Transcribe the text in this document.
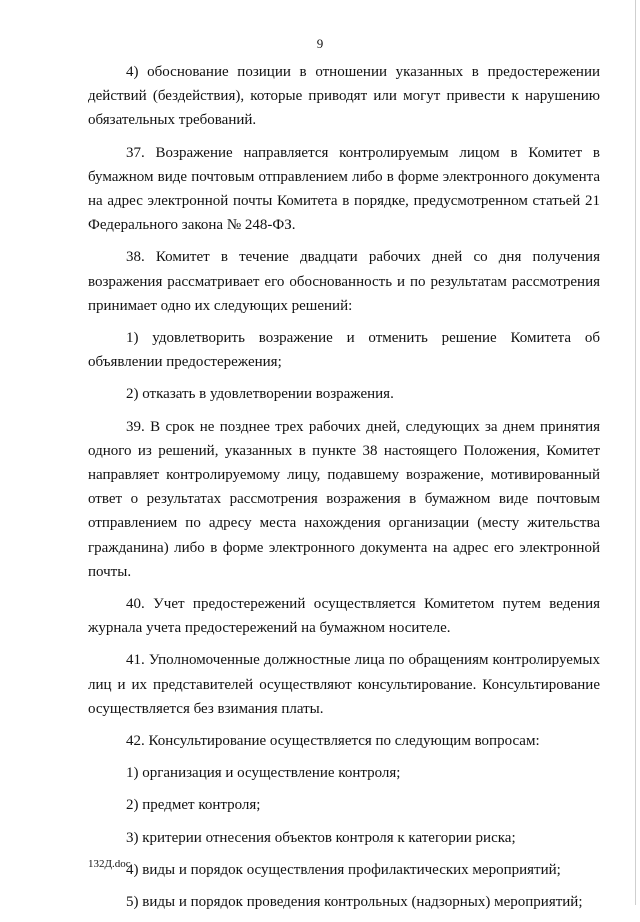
9

4) обоснование позиции в отношении указанных в предостережении действий (бездействия), которые приводят или могут привести к нарушению обязательных требований.

37. Возражение направляется контролируемым лицом в Комитет в бумажном виде почтовым отправлением либо в форме электронного документа на адрес электронной почты Комитета в порядке, предусмотренном статьей 21 Федерального закона № 248-ФЗ.

38. Комитет в течение двадцати рабочих дней со дня получения возражения рассматривает его обоснованность и по результатам рассмотрения принимает одно их следующих решений:

1) удовлетворить возражение и отменить решение Комитета об объявлении предостережения;

2) отказать в удовлетворении возражения.

39. В срок не позднее трех рабочих дней, следующих за днем принятия одного из решений, указанных в пункте 38 настоящего Положения, Комитет направляет контролируемому лицу, подавшему возражение, мотивированный ответ о результатах рассмотрения возражения в бумажном виде почтовым отправлением по адресу места нахождения организации (месту жительства гражданина) либо в форме электронного документа на адрес его электронной почты.

40. Учет предостережений осуществляется Комитетом путем ведения журнала учета предостережений на бумажном носителе.

41. Уполномоченные должностные лица по обращениям контролируемых лиц и их представителей осуществляют консультирование. Консультирование осуществляется без взимания платы.

42. Консультирование осуществляется по следующим вопросам:

1) организация и осуществление контроля;

2) предмет контроля;

3) критерии отнесения объектов контроля к категории риска;

4) виды и порядок осуществления профилактических мероприятий;

5) виды и порядок проведения контрольных (надзорных) мероприятий;

132Д.doc
